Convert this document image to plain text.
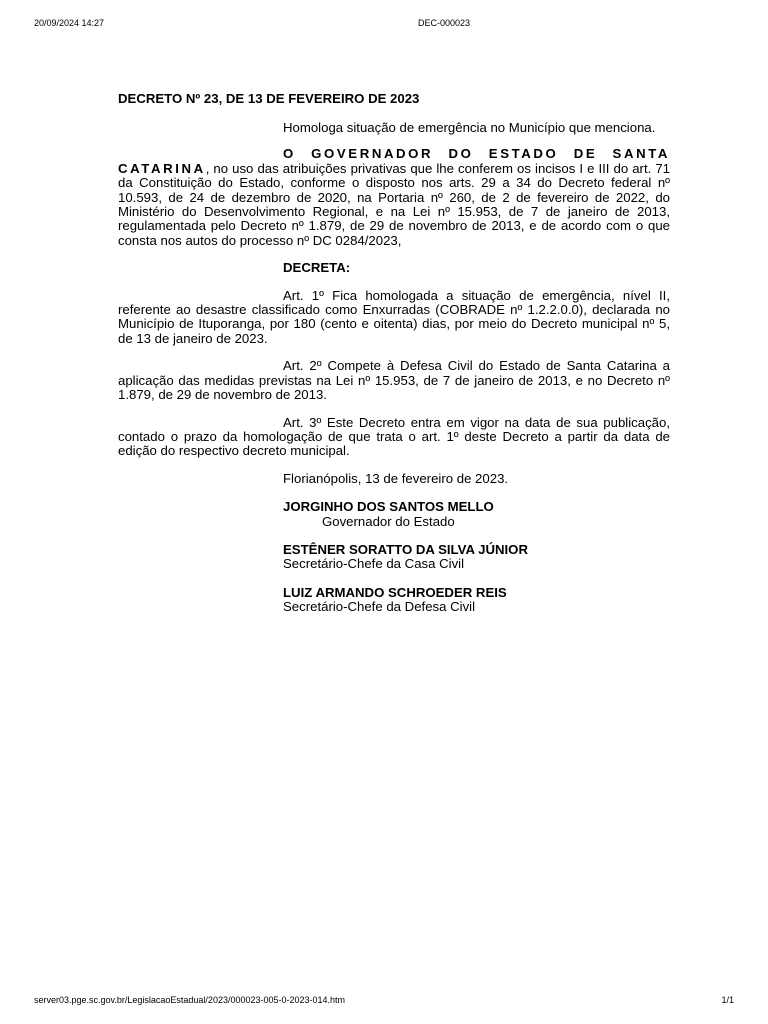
20/09/2024 14:27	DEC-000023
DECRETO Nº 23, DE 13 DE FEVEREIRO DE 2023
Homologa situação de emergência no Município que menciona.
O GOVERNADOR DO ESTADO DE SANTA CATARINA, no uso das atribuições privativas que lhe conferem os incisos I e III do art. 71 da Constituição do Estado, conforme o disposto nos arts. 29 a 34 do Decreto federal nº 10.593, de 24 de dezembro de 2020, na Portaria nº 260, de 2 de fevereiro de 2022, do Ministério do Desenvolvimento Regional, e na Lei nº 15.953, de 7 de janeiro de 2013, regulamentada pelo Decreto nº 1.879, de 29 de novembro de 2013, e de acordo com o que consta nos autos do processo nº DC 0284/2023,
DECRETA:
Art. 1º Fica homologada a situação de emergência, nível II, referente ao desastre classificado como Enxurradas (COBRADE nº 1.2.2.0.0), declarada no Município de Ituporanga, por 180 (cento e oitenta) dias, por meio do Decreto municipal nº 5, de 13 de janeiro de 2023.
Art. 2º Compete à Defesa Civil do Estado de Santa Catarina a aplicação das medidas previstas na Lei nº 15.953, de 7 de janeiro de 2013, e no Decreto nº 1.879, de 29 de novembro de 2013.
Art. 3º Este Decreto entra em vigor na data de sua publicação, contado o prazo da homologação de que trata o art. 1º deste Decreto a partir da data de edição do respectivo decreto municipal.
Florianópolis, 13 de fevereiro de 2023.
JORGINHO DOS SANTOS MELLO
Governador do Estado
ESTÊNER SORATTO DA SILVA JÚNIOR
Secretário-Chefe da Casa Civil
LUIZ ARMANDO SCHROEDER REIS
Secretário-Chefe da Defesa Civil
server03.pge.sc.gov.br/LegislacaoEstadual/2023/000023-005-0-2023-014.htm	1/1
